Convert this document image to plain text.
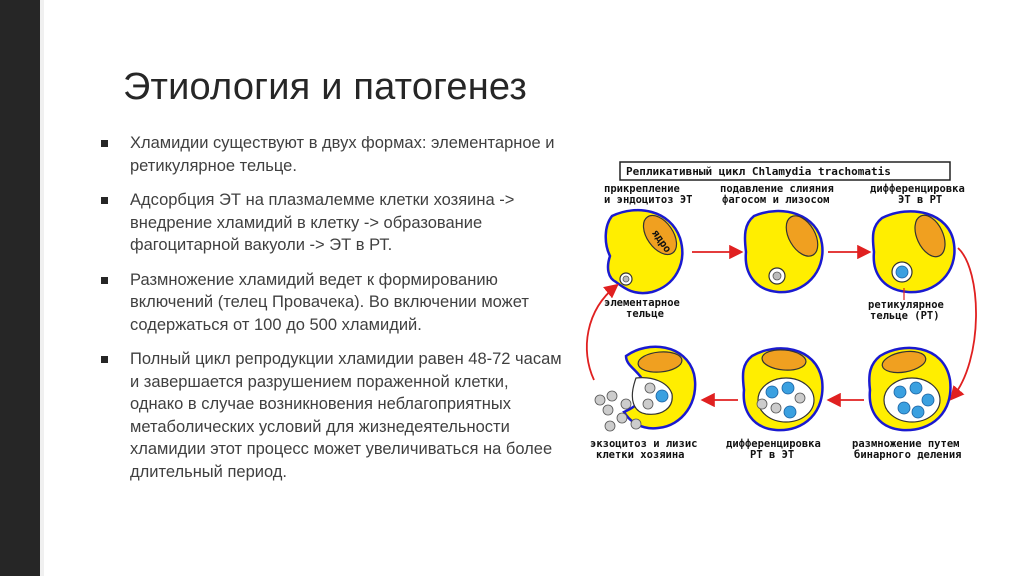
Этиология и патогенез
Хламидии существуют в двух формах: элементарное и ретикулярное тельце.
Адсорбция ЭТ на плазмалемме клетки хозяина -> внедрение хламидий в клетку -> образование фагоцитарной вакуоли -> ЭТ в РТ.
Размножение хламидий ведет к формированию включений (телец Провачека). Во включении может содержаться от 100 до 500 хламидий.
Полный цикл репродукции хламидии равен 48-72 часам и завершается разрушением пораженной клетки, однако в случае возникновения неблагоприятных метаболических условий для жизнедеятельности хламидии этот процесс может увеличиваться на более длительный период.
Репликативный цикл Chlamydia trachomatis
прикрепление
и эндоцитоз ЭТ
подавление слияния
фагосом и лизосом
дифференцировка
ЭТ в РТ
ядро
элементарное
тельце
ретикулярное
тельце (РТ)
размножение путем
бинарного деления
дифференцировка
РТ в ЭТ
экзоцитоз и лизис
клетки хозяина
